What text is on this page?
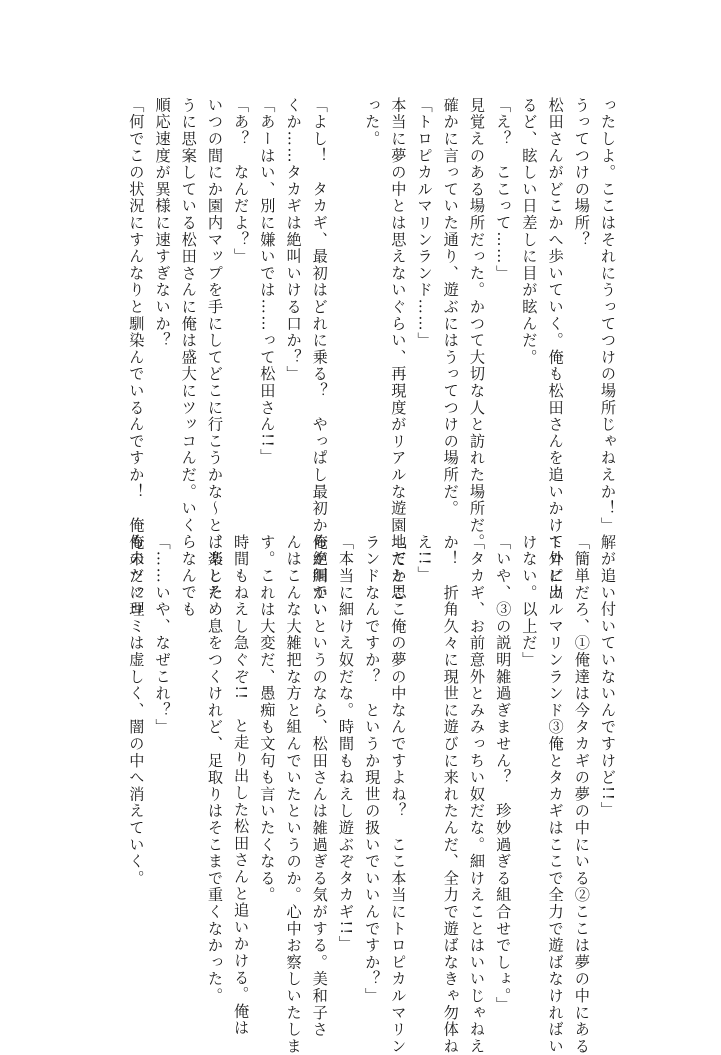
ったしよ。ここはそれにうってつけの場所じゃねえか！」
うってつけの場所？
松田さんがどこかへ歩いていく。俺も松田さんを追いかけて外に出
るど、眩しい日差しに目が眩んだ。
「え？　ここって……」
見覚えのある場所だった。かつて大切な人と訪れた場所だ。
確かに言っていた通り、遊ぶにはうってつけの場所だ。
「トロピカルマリンランド……」
本当に夢の中とは思えないぐらい、再現度がリアルな遊園地だと思
った。

「よし！　タカギ、最初はどれに乗る？　やっぱし最初から絶叫でい
くか……タカギは絶叫いける口か？」
「あーはい、別に嫌いでは……って松田さん!!」
「あ？　なんだよ？」
いつの間にか園内マップを手にしてどこに行こうかな〜と、楽しそ
うに思案している松田さんに俺は盛大にツッコんだ。いくらなんでも
順応速度が異様に速すぎないか？
「何でこの状況にすんなりと馴染んでいるんですか！　俺も未だに理
解が追い付いていないんですけど!!」
「簡単だろ、①俺達は今タカギの夢の中にいる②ここは夢の中にある
トロピカルマリンランド③俺とタカギはここで全力で遊ばなければい
けない。以上だ」
「いや、③の説明雑過ぎません？　珍妙過ぎる組合せでしょ。」
「タカギ、お前意外とみみっちい奴だな。細けえことはいいじゃねえ
か！　折角久々に現世に遊びに来れたんだ、全力で遊ばなきゃ勿体ね
え!!」
「てかここ俺の夢の中なんですよね？　ここ本当にトロピカルマリン
ランドなんですか？　というか現世の扱いでいいんですか？」
「本当に細けえ奴だな。時間もねえし遊ぶぞタカギ!!」
俺が細かいというのなら、松田さんは雑過ぎる気がする。美和子さ
んはこんな大雑把な方と組んでいたというのか。心中お察しいたしま
す。これは大変だ、愚痴も文句も言いたくなる。
時間もねえし急ぐぞ!!　と走り出した松田さんと追いかける。俺は
はあとため息をつくけれど、足取りはそこまで重くなかった。

「……いや、なぜこれ？」
俺のツッコミは虚しく、闇の中へ消えていく。
